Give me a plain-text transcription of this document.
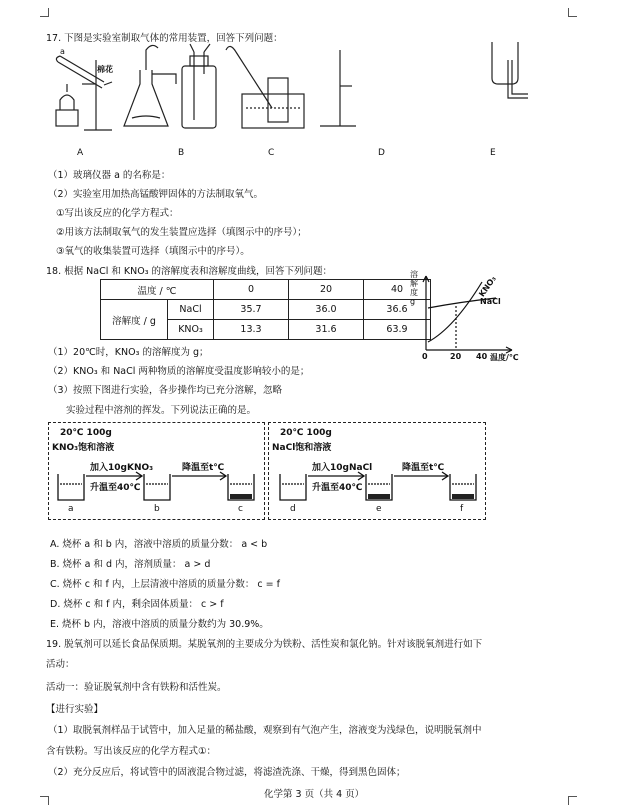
17. 下图是实验室制取气体的常用装置，回答下列问题：
a
棉花
A	B	C	D	E
（1）玻璃仪器 a 的名称是：
（2）实验室用加热高锰酸钾固体的方法制取氧气。
①写出该反应的化学方程式：
②用该方法制取氧气的发生装置应选择（填图示中的序号）；
③氧气的收集装置可选择（填图示中的序号）。
18. 根据 NaCl 和 KNO₃ 的溶解度表和溶解度曲线，回答下列问题：
温度 / ℃		0	20	40
溶解度 / g	NaCl	35.7	36.0	36.6
	KNO₃	13.3	31.6	63.9
溶解度 g
KNO₃
NaCl
0	20 40 温度/℃
（1）20℃时，KNO₃ 的溶解度为 g；
（2）KNO₃ 和 NaCl 两种物质的溶解度受温度影响较小的是；
（3）按照下图进行实验，各步操作均已充分溶解，忽略
实验过程中溶剂的挥发。下列说法正确的是。
20℃ 100g
KNO₃饱和溶液
加入10gKNO₃
升温至40℃
降温至t℃
20℃ 100g
NaCl饱和溶液
加入10gNaCl
升温至40℃
降温至t℃
a	b	c	d	e	f
A. 烧杯 a 和 b 内，溶液中溶质的质量分数： a < b
B. 烧杯 a 和 d 内，溶剂质量： a > d
C. 烧杯 c 和 f 内，上层清液中溶质的质量分数： c = f
D. 烧杯 c 和 f 内，剩余固体质量： c > f
E. 烧杯 b 内，溶液中溶质的质量分数约为 30.9%。
19. 脱氧剂可以延长食品保质期。某脱氧剂的主要成分为铁粉、活性炭和氯化钠。针对该脱氧剂进行如下
活动：
活动一：验证脱氧剂中含有铁粉和活性炭。
【进行实验】
（1）取脱氧剂样品于试管中，加入足量的稀盐酸，观察到有气泡产生，溶液变为浅绿色，说明脱氧剂中
含有铁粉。写出该反应的化学方程式①：
（2）充分反应后，将试管中的固液混合物过滤，将滤渣洗涤、干燥，得到黑色固体；
化学第 3 页（共 4 页）
